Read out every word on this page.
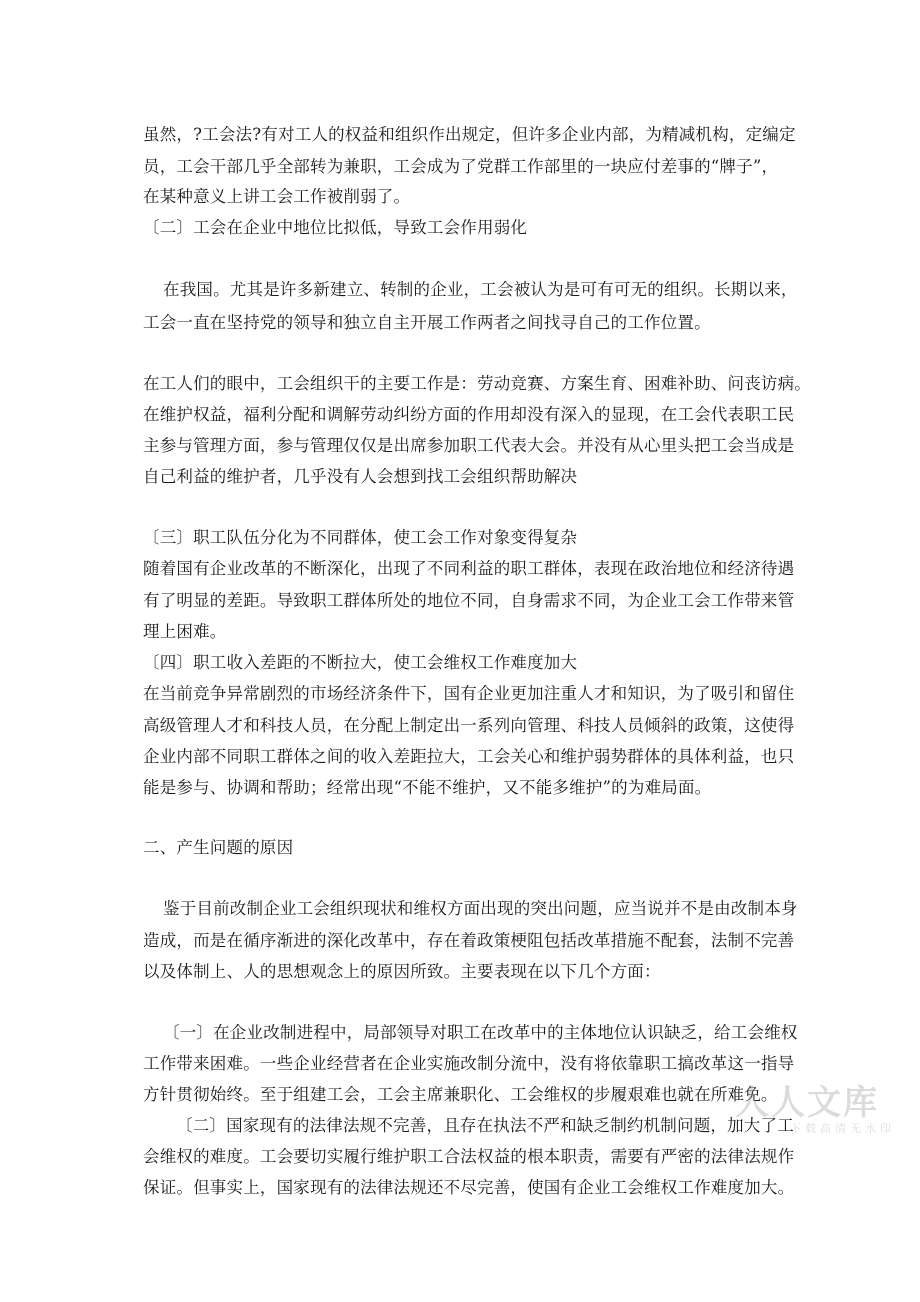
虽然，?工会法?有对工人的权益和组织作出规定，但许多企业内部，为精减机构，定编定
员，工会干部几乎全部转为兼职，工会成为了党群工作部里的一块应付差事的“牌子”，
在某种意义上讲工会工作被削弱了。
〔二〕工会在企业中地位比拟低，导致工会作用弱化
在我国。尤其是许多新建立、转制的企业，工会被认为是可有可无的组织。长期以来，
工会一直在坚持党的领导和独立自主开展工作两者之间找寻自己的工作位置。
在工人们的眼中，工会组织干的主要工作是：劳动竞赛、方案生育、困难补助、问丧访病。
在维护权益，福利分配和调解劳动纠纷方面的作用却没有深入的显现，在工会代表职工民
主参与管理方面，参与管理仅仅是出席参加职工代表大会。并没有从心里头把工会当成是
自己利益的维护者，几乎没有人会想到找工会组织帮助解决
〔三〕职工队伍分化为不同群体，使工会工作对象变得复杂
随着国有企业改革的不断深化，出现了不同利益的职工群体，表现在政治地位和经济待遇
有了明显的差距。导致职工群体所处的地位不同，自身需求不同，为企业工会工作带来管
理上困难。
〔四〕职工收入差距的不断拉大，使工会维权工作难度加大
在当前竞争异常剧烈的市场经济条件下，国有企业更加注重人才和知识，为了吸引和留住
高级管理人才和科技人员，在分配上制定出一系列向管理、科技人员倾斜的政策，这使得
企业内部不同职工群体之间的收入差距拉大，工会关心和维护弱势群体的具体利益，也只
能是参与、协调和帮助；经常出现“不能不维护，又不能多维护”的为难局面。
二、产生问题的原因
鉴于目前改制企业工会组织现状和维权方面出现的突出问题，应当说并不是由改制本身
造成，而是在循序渐进的深化改革中，存在着政策梗阻包括改革措施不配套，法制不完善
以及体制上、人的思想观念上的原因所致。主要表现在以下几个方面：
〔一〕在企业改制进程中，局部领导对职工在改革中的主体地位认识缺乏，给工会维权
工作带来困难。一些企业经营者在企业实施改制分流中，没有将依靠职工搞改革这一指导
方针贯彻始终。至于组建工会，工会主席兼职化、工会维权的步履艰难也就在所难免。
〔二〕国家现有的法律法规不完善，且存在执法不严和缺乏制约机制问题，加大了工
会维权的难度。工会要切实履行维护职工合法权益的根本职责，需要有严密的法律法规作
保证。但事实上，国家现有的法律法规还不尽完善，使国有企业工会维权工作难度加大。
人人文库
下载高清无水印
